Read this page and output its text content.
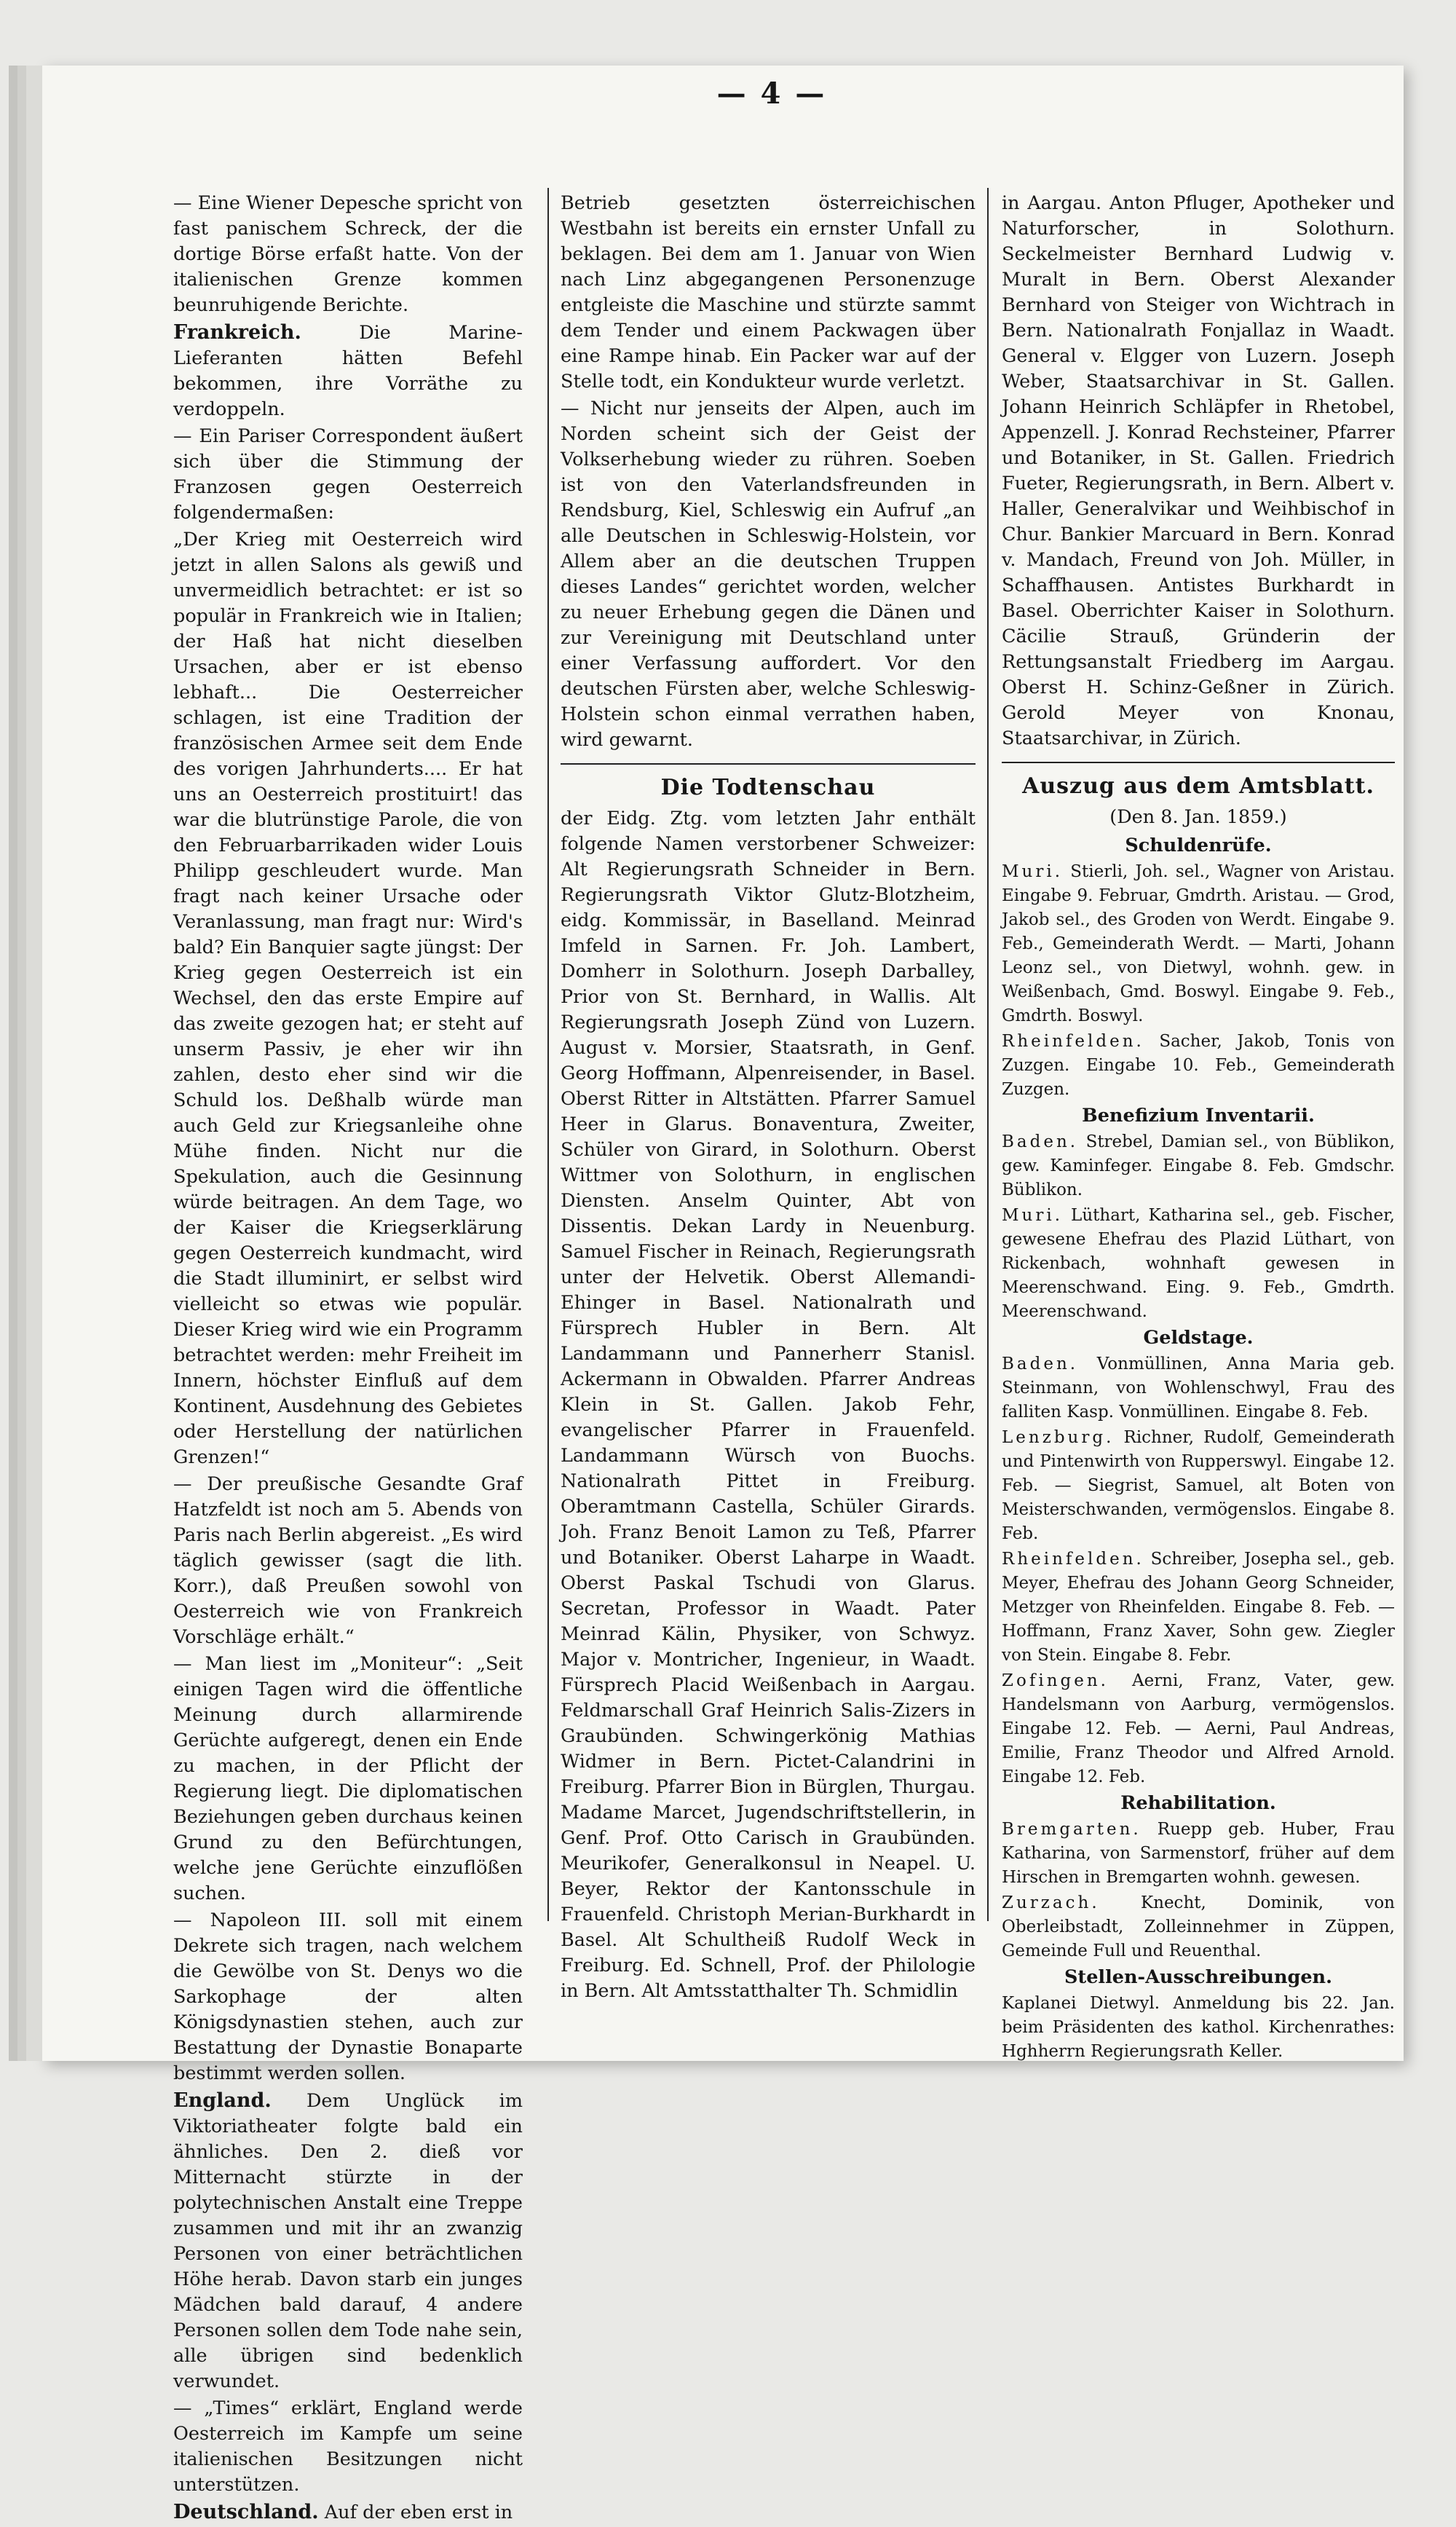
— 4 —

— Eine Wiener Depesche spricht von fast panischem Schreck, der die dortige Börse erfaßt hatte. Von der italienischen Grenze kommen beunruhigende Berichte.

Frankreich.	Die Marine-Lieferanten hätten Befehl bekommen, ihre Vorräthe zu verdoppeln.

— Ein Pariser Correspondent äußert sich über die Stimmung der Franzosen gegen Oesterreich folgendermaßen:

„Der Krieg mit Oesterreich wird jetzt in allen Salons als gewiß und unvermeidlich betrachtet: er ist so populär in Frankreich wie in Italien; der Haß hat nicht dieselben Ursachen, aber er ist ebenso lebhaft... Die Oesterreicher schlagen, ist eine Tradition der französischen Armee seit dem Ende des vorigen Jahrhunderts.... Er hat uns an Oesterreich prostituirt! das war die blutrünstige Parole, die von den Februarbarrikaden wider Louis Philipp geschleudert wurde. Man fragt nach keiner Ursache oder Veranlassung, man fragt nur: Wird's bald? Ein Banquier sagte jüngst: Der Krieg gegen Oesterreich ist ein Wechsel, den das erste Empire auf das zweite gezogen hat; er steht auf unserm Passiv, je eher wir ihn zahlen, desto eher sind wir die Schuld los. Deßhalb würde man auch Geld zur Kriegsanleihe ohne Mühe finden. Nicht nur die Spekulation, auch die Gesinnung würde beitragen. An dem Tage, wo der Kaiser die Kriegserklärung gegen Oesterreich kundmacht, wird die Stadt illuminirt, er selbst wird vielleicht so etwas wie populär. Dieser Krieg wird wie ein Programm betrachtet werden: mehr Freiheit im Innern, höchster Einfluß auf dem Kontinent, Ausdehnung des Gebietes oder Herstellung der natürlichen Grenzen!“

— Der preußische Gesandte Graf Hatzfeldt ist noch am 5. Abends von Paris nach Berlin abgereist. „Es wird täglich gewisser (sagt die lith. Korr.), daß Preußen sowohl von Oesterreich wie von Frankreich Vorschläge erhält.“

— Man liest im „Moniteur“: „Seit einigen Tagen wird die öffentliche Meinung durch allarmirende Gerüchte aufgeregt, denen ein Ende zu machen, in der Pflicht der Regierung liegt. Die diplomatischen Beziehungen geben durchaus keinen Grund zu den Befürchtungen, welche jene Gerüchte einzuflößen suchen.

— Napoleon III. soll mit einem Dekrete sich tragen, nach welchem die Gewölbe von St. Denys wo die Sarkophage der alten Königsdynastien stehen, auch zur Bestattung der Dynastie Bonaparte bestimmt werden sollen.

England. Dem Unglück im Viktoriatheater folgte bald ein ähnliches. Den 2. dieß vor Mitternacht stürzte in der polytechnischen Anstalt eine Treppe zusammen und mit ihr an zwanzig Personen von einer beträchtlichen Höhe herab. Davon starb ein junges Mädchen bald darauf, 4 andere Personen sollen dem Tode nahe sein, alle übrigen sind bedenklich verwundet.

— „Times“ erklärt, England werde Oesterreich im Kampfe um seine italienischen Besitzungen nicht unterstützen.

Deutschland. Auf der eben erst in

Betrieb gesetzten österreichischen Westbahn ist bereits ein ernster Unfall zu beklagen. Bei dem am 1. Januar von Wien nach Linz abgegangenen Personenzuge entgleiste die Maschine und stürzte sammt dem Tender und einem Packwagen über eine Rampe hinab. Ein Packer war auf der Stelle todt, ein Kondukteur wurde verletzt.

— Nicht nur jenseits der Alpen, auch im Norden scheint sich der Geist der Volkserhebung wieder zu rühren. Soeben ist von den Vaterlandsfreunden in Rendsburg, Kiel, Schleswig ein Aufruf „an alle Deutschen in Schleswig-Holstein, vor Allem aber an die deutschen Truppen dieses Landes“ gerichtet worden, welcher zu neuer Erhebung gegen die Dänen und zur Vereinigung mit Deutschland unter einer Verfassung auffordert. Vor den deutschen Fürsten aber, welche Schleswig-Holstein schon einmal verrathen haben, wird gewarnt.

Die Todtenschau

der Eidg. Ztg. vom letzten Jahr enthält folgende Namen verstorbener Schweizer: Alt Regierungsrath Schneider in Bern. Regierungsrath Viktor Glutz-Blotzheim, eidg. Kommissär, in Baselland. Meinrad Imfeld in Sarnen. Fr. Joh. Lambert, Domherr in Solothurn. Joseph Darballey, Prior von St. Bernhard, in Wallis. Alt Regierungsrath Joseph Zünd von Luzern. August v. Morsier, Staatsrath, in Genf. Georg Hoffmann, Alpenreisender, in Basel. Oberst Ritter in Altstätten. Pfarrer Samuel Heer in Glarus. Bonaventura, Zweiter, Schüler von Girard, in Solothurn. Oberst Wittmer von Solothurn, in englischen Diensten. Anselm Quinter, Abt von Dissentis. Dekan Lardy in Neuenburg. Samuel Fischer in Reinach, Regierungsrath unter der Helvetik. Oberst Allemandi-Ehinger in Basel. Nationalrath und Fürsprech Hubler in Bern. Alt Landammann und Pannerherr Stanisl. Ackermann in Obwalden. Pfarrer Andreas Klein in St. Gallen. Jakob Fehr, evangelischer Pfarrer in Frauenfeld. Landammann Würsch von Buochs. Nationalrath Pittet in Freiburg. Oberamtmann Castella, Schüler Girards. Joh. Franz Benoit Lamon zu Teß, Pfarrer und Botaniker. Oberst Laharpe in Waadt. Oberst Paskal Tschudi von Glarus. Secretan, Professor in Waadt. Pater Meinrad Kälin, Physiker, von Schwyz. Major v. Montricher, Ingenieur, in Waadt. Fürsprech Placid Weißenbach in Aargau. Feldmarschall Graf Heinrich Salis-Zizers in Graubünden. Schwingerkönig Mathias Widmer in Bern. Pictet-Calandrini in Freiburg. Pfarrer Bion in Bürglen, Thurgau. Madame Marcet, Jugendschriftstellerin, in Genf. Prof. Otto Carisch in Graubünden. Meurikofer, Generalkonsul in Neapel. U. Beyer, Rektor der Kantonsschule in Frauenfeld. Christoph Merian-Burkhardt in Basel. Alt Schultheiß Rudolf Weck in Freiburg. Ed. Schnell, Prof. der Philologie in Bern. Alt Amtsstatthalter Th. Schmidlin

in Aargau. Anton Pfluger, Apotheker und Naturforscher, in Solothurn. Seckelmeister Bernhard Ludwig v. Muralt in Bern. Oberst Alexander Bernhard von Steiger von Wichtrach in Bern. Nationalrath Fonjallaz in Waadt. General v. Elgger von Luzern. Joseph Weber, Staatsarchivar in St. Gallen. Johann Heinrich Schläpfer in Rhetobel, Appenzell. J. Konrad Rechsteiner, Pfarrer und Botaniker, in St. Gallen. Friedrich Fueter, Regierungsrath, in Bern. Albert v. Haller, Generalvikar und Weihbischof in Chur. Bankier Marcuard in Bern. Konrad v. Mandach, Freund von Joh. Müller, in Schaffhausen. Antistes Burkhardt in Basel. Oberrichter Kaiser in Solothurn. Cäcilie Strauß, Gründerin der Rettungsanstalt Friedberg im Aargau. Oberst H. Schinz-Geßner in Zürich. Gerold Meyer von Knonau, Staatsarchivar, in Zürich.

Auszug aus dem Amtsblatt.
(Den 8. Jan. 1859.)
Schuldenrüfe.

Muri. Stierli, Joh. sel., Wagner von Aristau. Eingabe 9. Februar, Gmdrth. Aristau. — Grod, Jakob sel., des Groden von Werdt. Eingabe 9. Feb., Gemeinderath Werdt. — Marti, Johann Leonz sel., von Dietwyl, wohnh. gew. in Weißenbach, Gmd. Boswyl. Eingabe 9. Feb., Gmdrth. Boswyl.

Rheinfelden. Sacher, Jakob, Tonis von Zuzgen. Eingabe 10. Feb., Gemeinderath Zuzgen.

Benefizium Inventarii.

Baden. Strebel, Damian sel., von Büblikon, gew. Kaminfeger. Eingabe 8. Feb. Gmdschr. Büblikon.

Muri. Lüthart, Katharina sel., geb. Fischer, gewesene Ehefrau des Plazid Lüthart, von Rickenbach, wohnhaft gewesen in Meerenschwand. Eing. 9. Feb., Gmdrth. Meerenschwand.

Geldstage.

Baden. Vonmüllinen, Anna Maria geb. Steinmann, von Wohlenschwyl, Frau des falliten Kasp. Vonmüllinen. Eingabe 8. Feb.

Lenzburg. Richner, Rudolf, Gemeinderath und Pintenwirth von Rupperswyl. Eingabe 12. Feb. — Siegrist, Samuel, alt Boten von Meisterschwanden, vermögenslos. Eingabe 8. Feb.

Rheinfelden. Schreiber, Josepha sel., geb. Meyer, Ehefrau des Johann Georg Schneider, Metzger von Rheinfelden. Eingabe 8. Feb. — Hoffmann, Franz Xaver, Sohn gew. Ziegler von Stein. Eingabe 8. Febr.

Zofingen. Aerni, Franz, Vater, gew. Handelsmann von Aarburg, vermögenslos. Eingabe 12. Feb. — Aerni, Paul Andreas, Emilie, Franz Theodor und Alfred Arnold. Eingabe 12. Feb.

Rehabilitation.

Bremgarten. Ruepp geb. Huber, Frau Katharina, von Sarmenstorf, früher auf dem Hirschen in Bremgarten wohnh. gewesen.

Zurzach. Knecht, Dominik, von Oberleibstadt, Zolleinnehmer in Züppen, Gemeinde Full und Reuenthal.

Stellen-Ausschreibungen.

Kaplanei Dietwyl. Anmeldung bis 22. Jan. beim Präsidenten des kathol. Kirchenrathes: Hghherrn Regierungsrath Keller.
